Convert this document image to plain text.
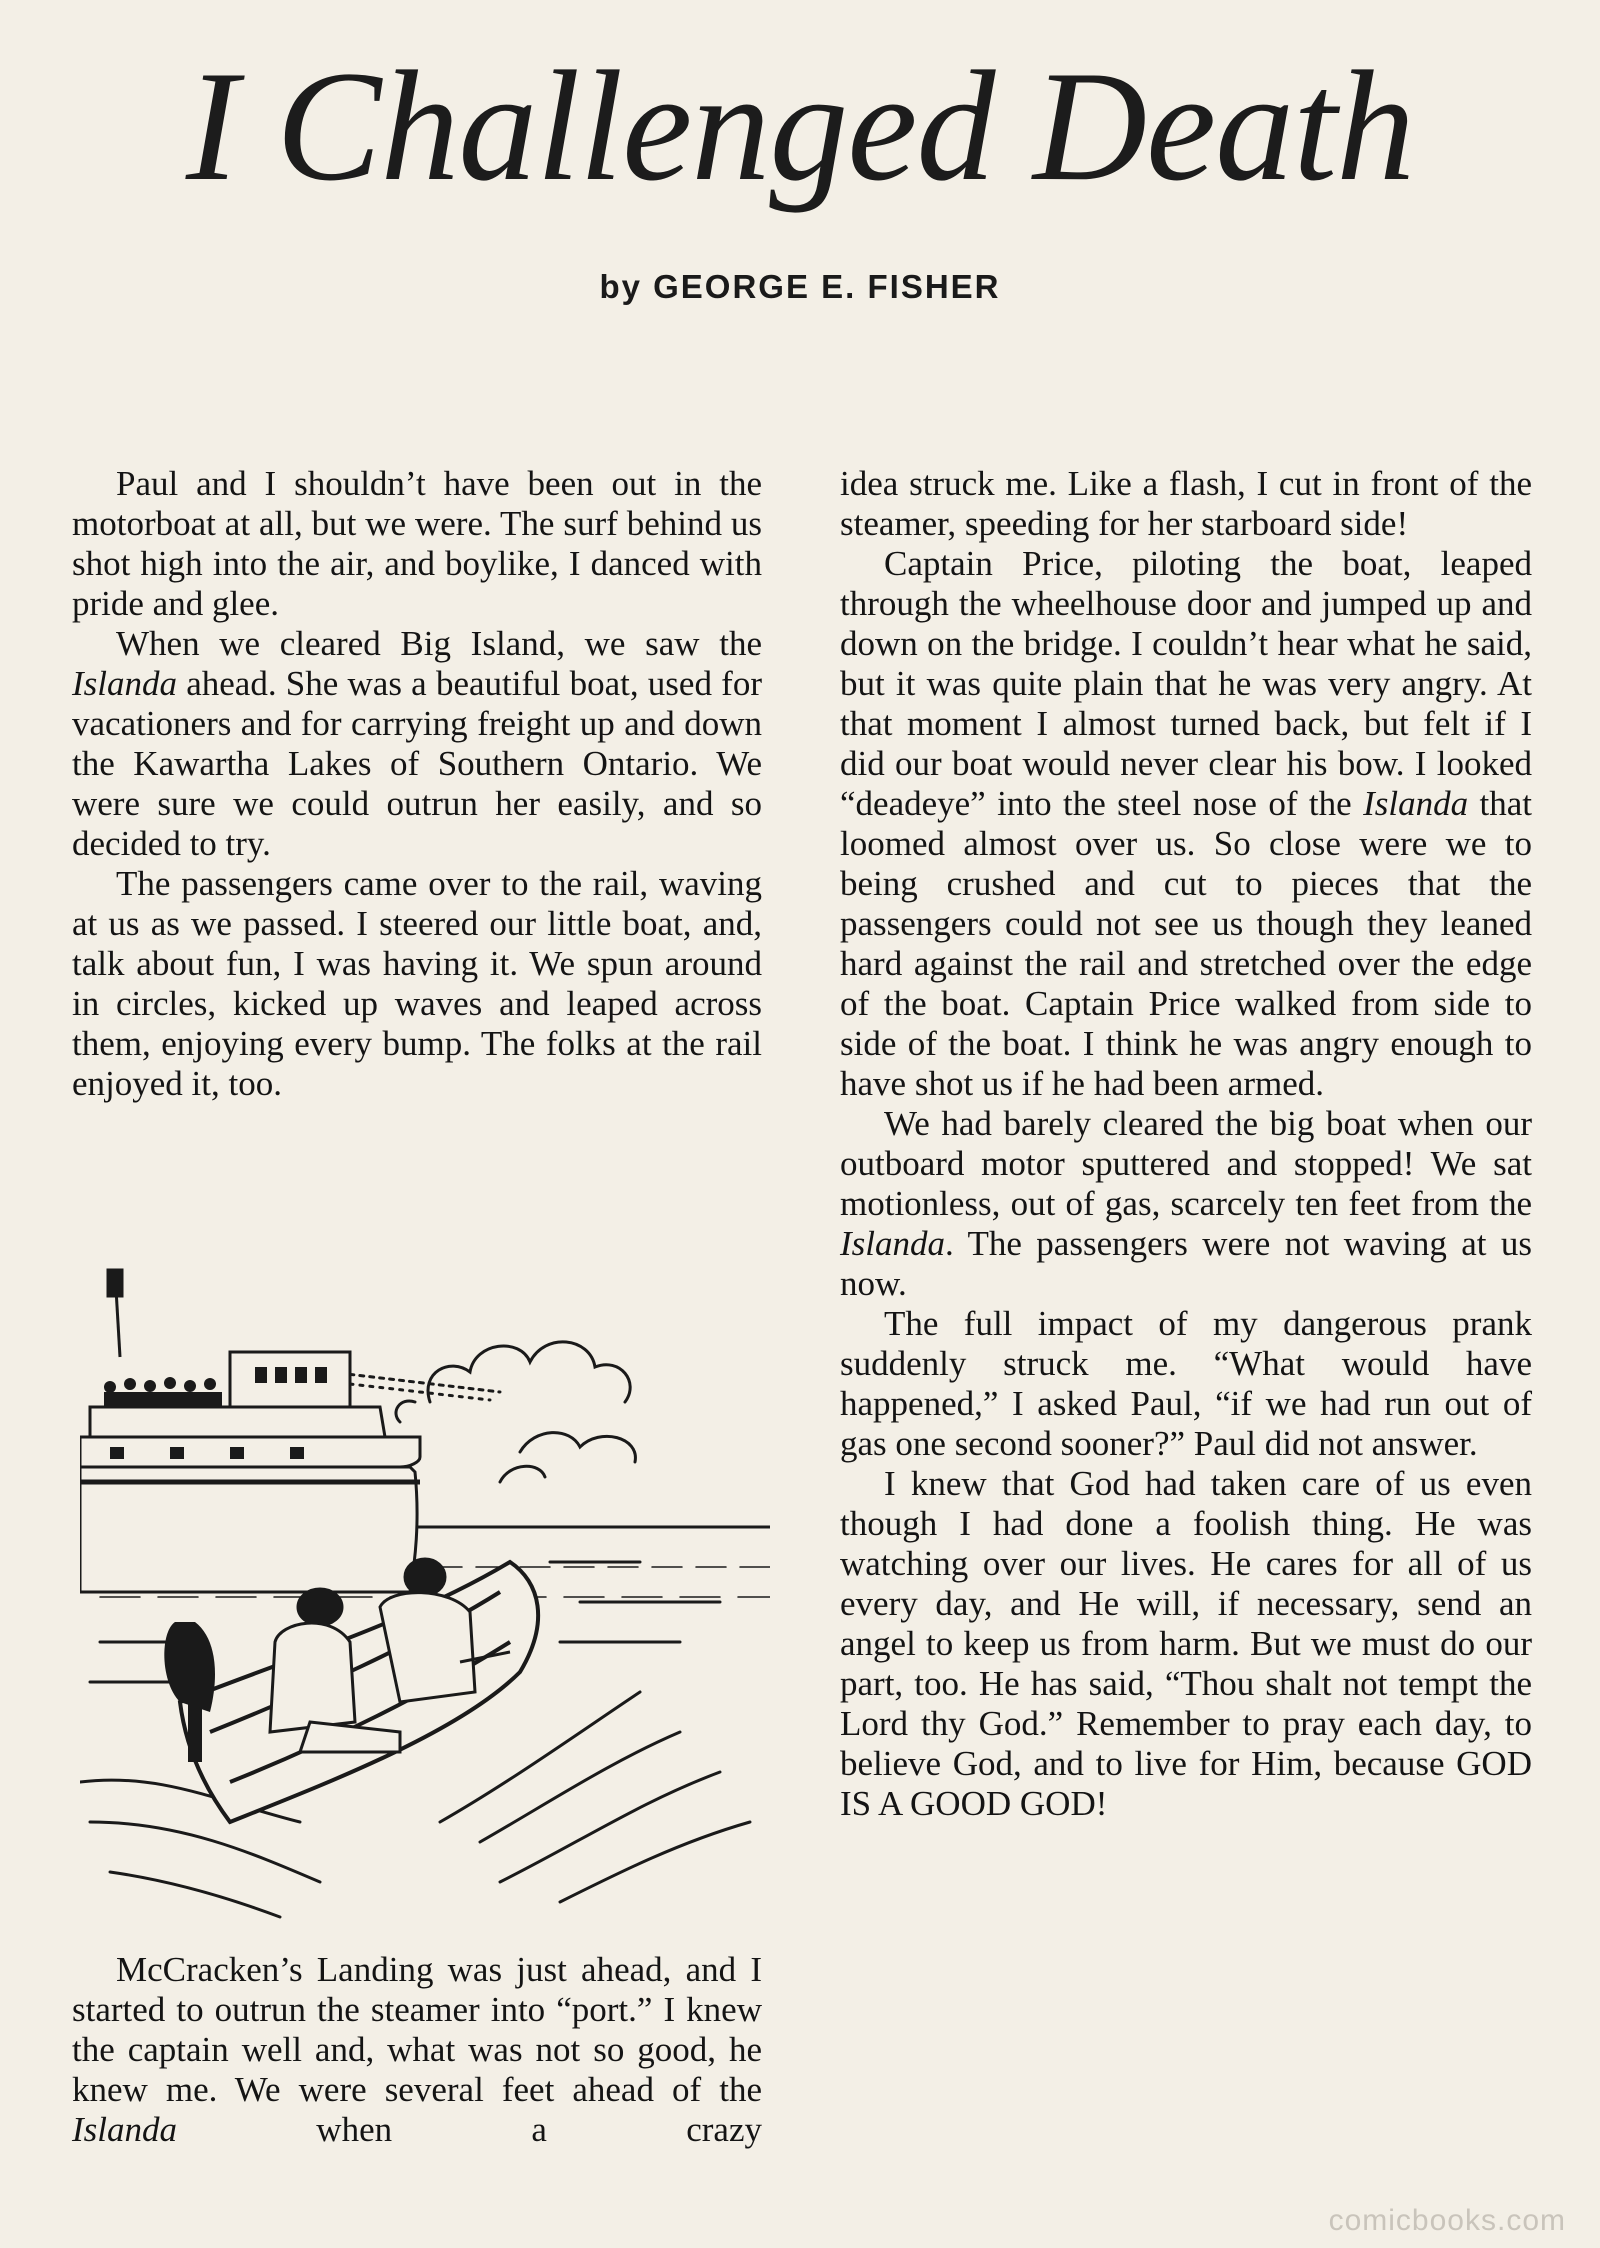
I Challenged Death
by GEORGE E. FISHER

Paul and I shouldn’t have been out in the motorboat at all, but we were. The surf behind us shot high into the air, and boylike, I danced with pride and glee.

When we cleared Big Island, we saw the Islanda ahead. She was a beautiful boat, used for vacationers and for carrying freight up and down the Kawartha Lakes of Southern Ontario. We were sure we could outrun her easily, and so decided to try.

The passengers came over to the rail, waving at us as we passed. I steered our little boat, and, talk about fun, I was having it. We spun around in circles, kicked up waves and leaped across them, enjoying every bump. The folks at the rail enjoyed it, too.

McCracken’s Landing was just ahead, and I started to outrun the steamer into “port.” I knew the captain well and, what was not so good, he knew me. We were several feet ahead of the Islanda when a crazy

idea struck me. Like a flash, I cut in front of the steamer, speeding for her starboard side!

Captain Price, piloting the boat, leaped through the wheelhouse door and jumped up and down on the bridge. I couldn’t hear what he said, but it was quite plain that he was very angry. At that moment I almost turned back, but felt if I did our boat would never clear his bow. I looked “deadeye” into the steel nose of the Islanda that loomed almost over us. So close were we to being crushed and cut to pieces that the passengers could not see us though they leaned hard against the rail and stretched over the edge of the boat. Captain Price walked from side to side of the boat. I think he was angry enough to have shot us if he had been armed.

We had barely cleared the big boat when our outboard motor sputtered and stopped! We sat motionless, out of gas, scarcely ten feet from the Islanda. The passengers were not waving at us now.

The full impact of my dangerous prank suddenly struck me. “What would have happened,” I asked Paul, “if we had run out of gas one second sooner?” Paul did not answer.

I knew that God had taken care of us even though I had done a foolish thing. He was watching over our lives. He cares for all of us every day, and He will, if necessary, send an angel to keep us from harm. But we must do our part, too. He has said, “Thou shalt not tempt the Lord thy God.” Remember to pray each day, to believe God, and to live for Him, because GOD IS A GOOD GOD!

comicbooks.com
